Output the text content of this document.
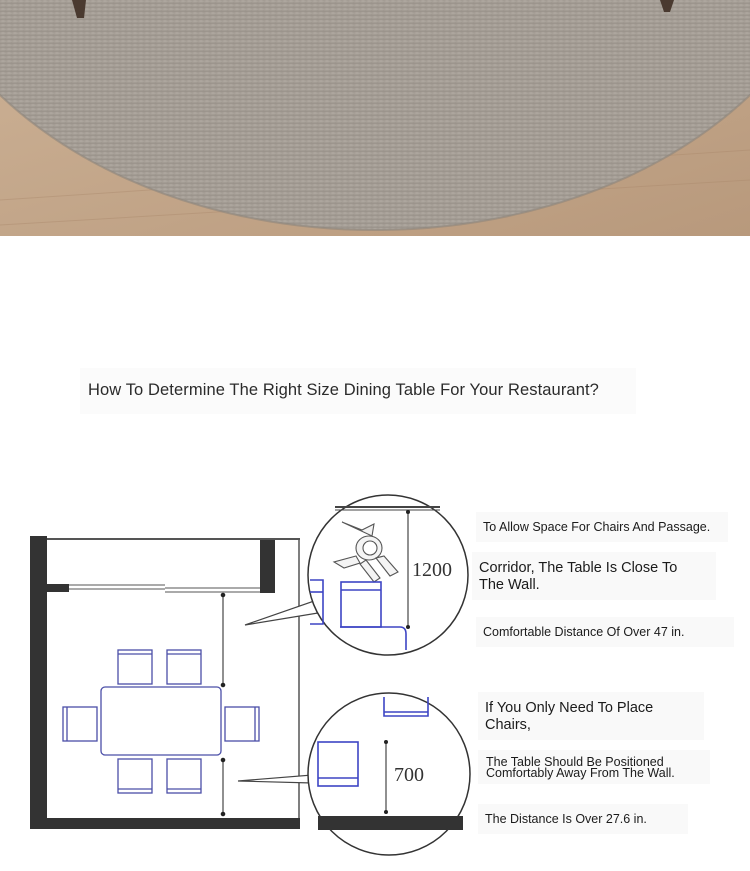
How To Determine The Right Size Dining Table For Your Restaurant?
1200
700
To Allow Space For Chairs And Passage.
Corridor, The Table Is Close To
The Wall.
Comfortable Distance Of Over 47 in.
If You Only Need To Place
Chairs,
The Table Should Be Positioned
Comfortably Away From The Wall.
The Distance Is Over 27.6 in.
